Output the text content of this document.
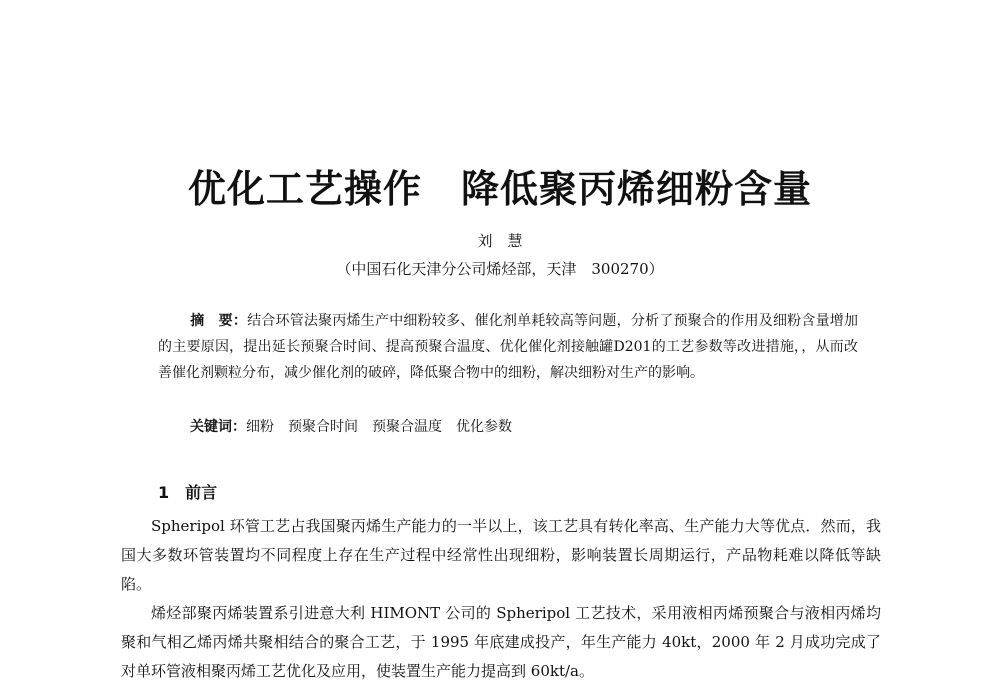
优化工艺操作　降低聚丙烯细粉含量
刘　慧
（中国石化天津分公司烯烃部，天津　300270）
摘　要：结合环管法聚丙烯生产中细粉较多、催化剂单耗较高等问题，分析了预聚合的作用及细粉含量增加的主要原因，提出延长预聚合时间、提高预聚合温度、优化催化剂接触罐D201的工艺参数等改进措施，，从而改善催化剂颗粒分布，减少催化剂的破碎，降低聚合物中的细粉，解决细粉对生产的影响。
关键词：细粉　预聚合时间　预聚合温度　优化参数
1　前言

Spheripol 环管工艺占我国聚丙烯生产能力的一半以上，该工艺具有转化率高、生产能力大等优点．然而，我国大多数环管装置均不同程度上存在生产过程中经常性出现细粉，影响装置长周期运行，产品物耗难以降低等缺陷。

烯烃部聚丙烯装置系引进意大利 HIMONT 公司的 Spheripol 工艺技术，采用液相丙烯预聚合与液相丙烯均聚和气相乙烯丙烯共聚相结合的聚合工艺，于 1995 年底建成投产，年生产能力 40kt，2000 年 2 月成功完成了对单环管液相聚丙烯工艺优化及应用，使装置生产能力提高到 60kt/a。
